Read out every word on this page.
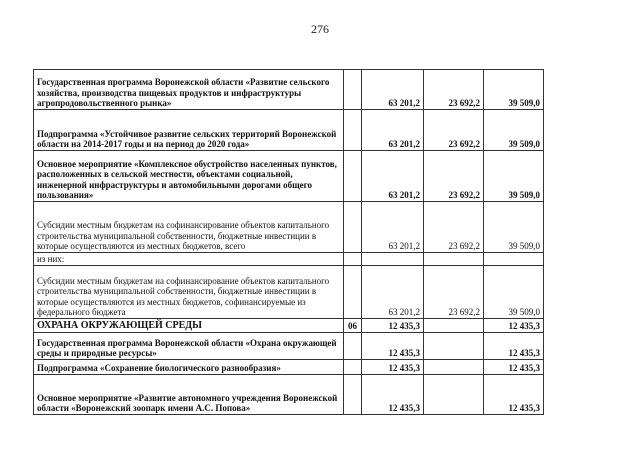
276
Государственная программа Воронежской области «Развитие сельского хозяйства, производства пищевых продуктов и инфраструктуры агропродовольственного рынка»		63 201,2	23 692,2	39 509,0
Подпрограмма «Устойчивое развитие сельских территорий Воронежской области на 2014-2017 годы и на период до 2020 года»		63 201,2	23 692,2	39 509,0
Основное мероприятие «Комплексное обустройство населенных пунктов, расположенных в сельской местности, объектами социальной, инженерной инфраструктуры и автомобильными дорогами общего пользования»		63 201,2	23 692,2	39 509,0
Субсидии местным бюджетам на софинансирование объектов капитального строительства муниципальной собственности, бюджетные инвестиции в которые осуществляются из местных бюджетов, всего		63 201,2	23 692,2	39 509,0
из них:				
Субсидии местным бюджетам на софинансирование объектов капитального строительства муниципальной собственности, бюджетные инвестиции в которые осуществляются из местных бюджетов, софинансируемые из федерального бюджета		63 201,2	23 692,2	39 509,0
ОХРАНА ОКРУЖАЮЩЕЙ СРЕДЫ	06	12 435,3		12 435,3
Государственная программа Воронежской области «Охрана окружающей среды и природные ресурсы»		12 435,3		12 435,3
Подпрограмма «Сохранение биологического разнообразия»		12 435,3		12 435,3
Основное мероприятие «Развитие автономного учреждения Воронежской области «Воронежский зоопарк имени А.С. Попова»		12 435,3		12 435,3
